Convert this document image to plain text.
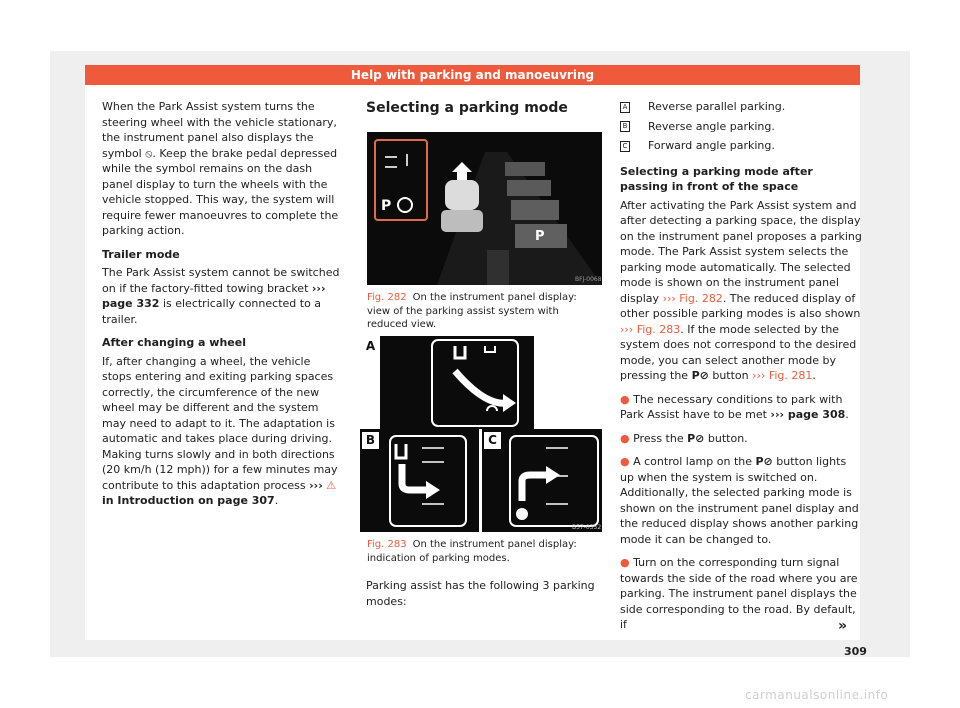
Help with parking and manoeuvring

When the Park Assist system turns the steering wheel with the vehicle stationary, the instrument panel also displays the symbol ⦸. Keep the brake pedal depressed while the symbol remains on the dash panel display to turn the wheels with the vehicle stopped. This way, the system will require fewer manoeuvres to complete the parking action.

Trailer mode

The Park Assist system cannot be switched on if the factory-fitted towing bracket ››› page 332 is electrically connected to a trailer.

After changing a wheel

If, after changing a wheel, the vehicle stops entering and exiting parking spaces correctly, the circumference of the new wheel may be different and the system may need to adapt to it. The adaptation is automatic and takes place during driving. Making turns slowly and in both directions (20 km/h (12 mph)) for a few minutes may contribute to this adaptation process ››› ⚠ in Introduction on page 307.

Selecting a parking mode
P
P
BFJ-0068
Fig. 282 On the instrument panel display: view of the parking assist system with reduced view.
A
B	C
B57-0352
Fig. 283 On the instrument panel display: indication of parking modes.
Parking assist has the following 3 parking modes:

A Reverse parallel parking.

B Reverse angle parking.

C Forward angle parking.

Selecting a parking mode after passing in front of the space

After activating the Park Assist system and after detecting a parking space, the display on the instrument panel proposes a parking mode. The Park Assist system selects the parking mode automatically. The selected mode is shown on the instrument panel display ››› Fig. 282. The reduced display of other possible parking modes is also shown ››› Fig. 283. If the mode selected by the system does not correspond to the desired mode, you can select another mode by pressing the P⊘ button ››› Fig. 281.

● The necessary conditions to park with Park Assist have to be met ››› page 308.

● Press the P⊘ button.

● A control lamp on the P⊘ button lights up when the system is switched on. Additionally, the selected parking mode is shown on the instrument panel display and the reduced display shows another parking mode it can be changed to.

● Turn on the corresponding turn signal towards the side of the road where you are parking. The instrument panel displays the side corresponding to the road. By default, if	»
309
carmanualsonline.info
